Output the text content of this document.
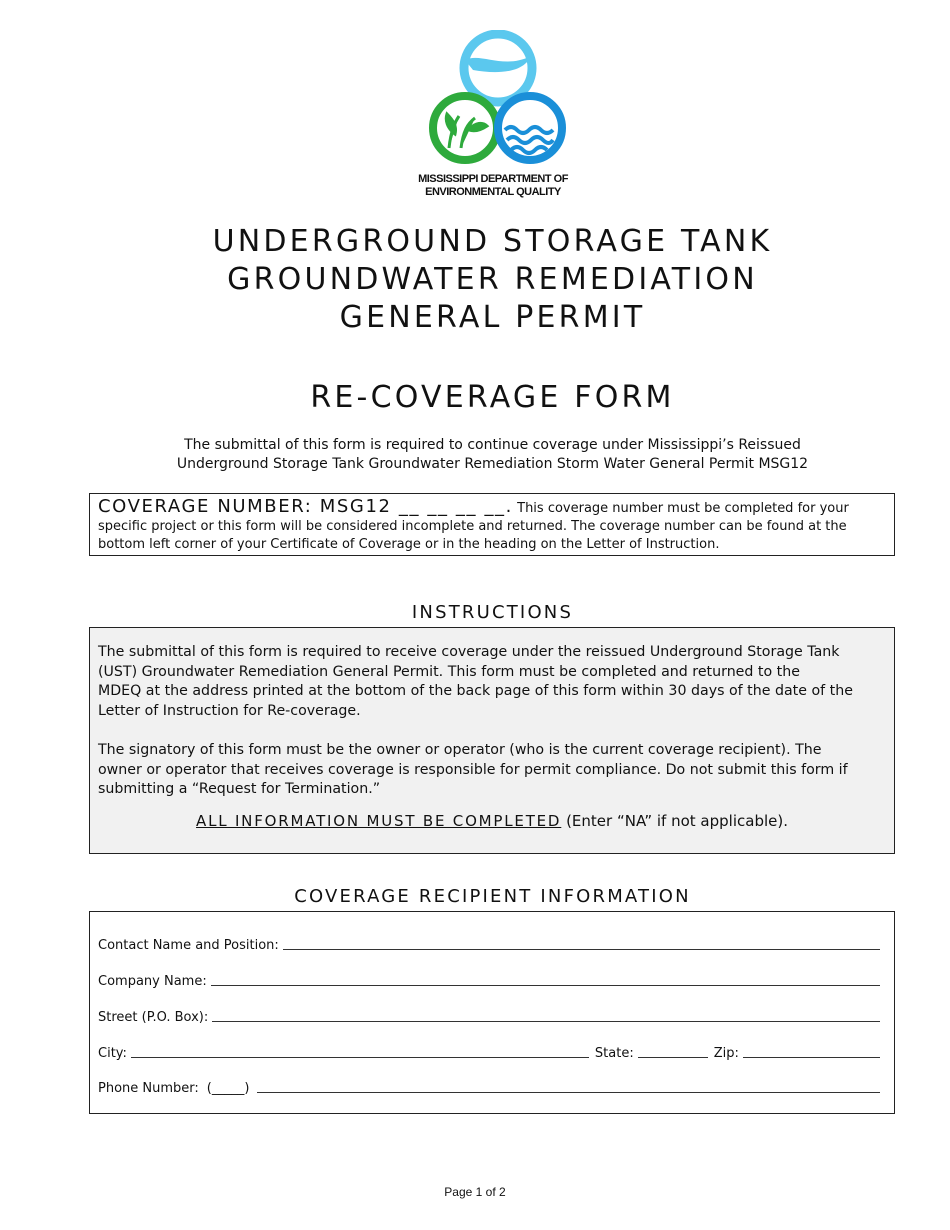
MISSISSIPPI DEPARTMENT OF
ENVIRONMENTAL QUALITY
UNDERGROUND STORAGE TANK
GROUNDWATER REMEDIATION
GENERAL PERMIT
RE-COVERAGE FORM
The submittal of this form is required to continue coverage under Mississippi’s Reissued
Underground Storage Tank Groundwater Remediation Storm Water General Permit MSG12
COVERAGE NUMBER: MSG12 __ __ __ __. This coverage number must be completed for your
specific project or this form will be considered incomplete and returned. The coverage number can be found at the
bottom left corner of your Certificate of Coverage or in the heading on the Letter of Instruction.
INSTRUCTIONS
The submittal of this form is required to receive coverage under the reissued Underground Storage Tank
(UST) Groundwater Remediation General Permit. This form must be completed and returned to the
MDEQ at the address printed at the bottom of the back page of this form within 30 days of the date of the
Letter of Instruction for Re-coverage.
The signatory of this form must be the owner or operator (who is the current coverage recipient). The
owner or operator that receives coverage is responsible for permit compliance. Do not submit this form if
submitting a “Request for Termination.”
ALL INFORMATION MUST BE COMPLETED (Enter “NA” if not applicable).
COVERAGE RECIPIENT INFORMATION
Contact Name and Position:
Company Name:
Street (P.O. Box):
City:	State:	Zip:
Phone Number: (_____)
Page 1 of 2
